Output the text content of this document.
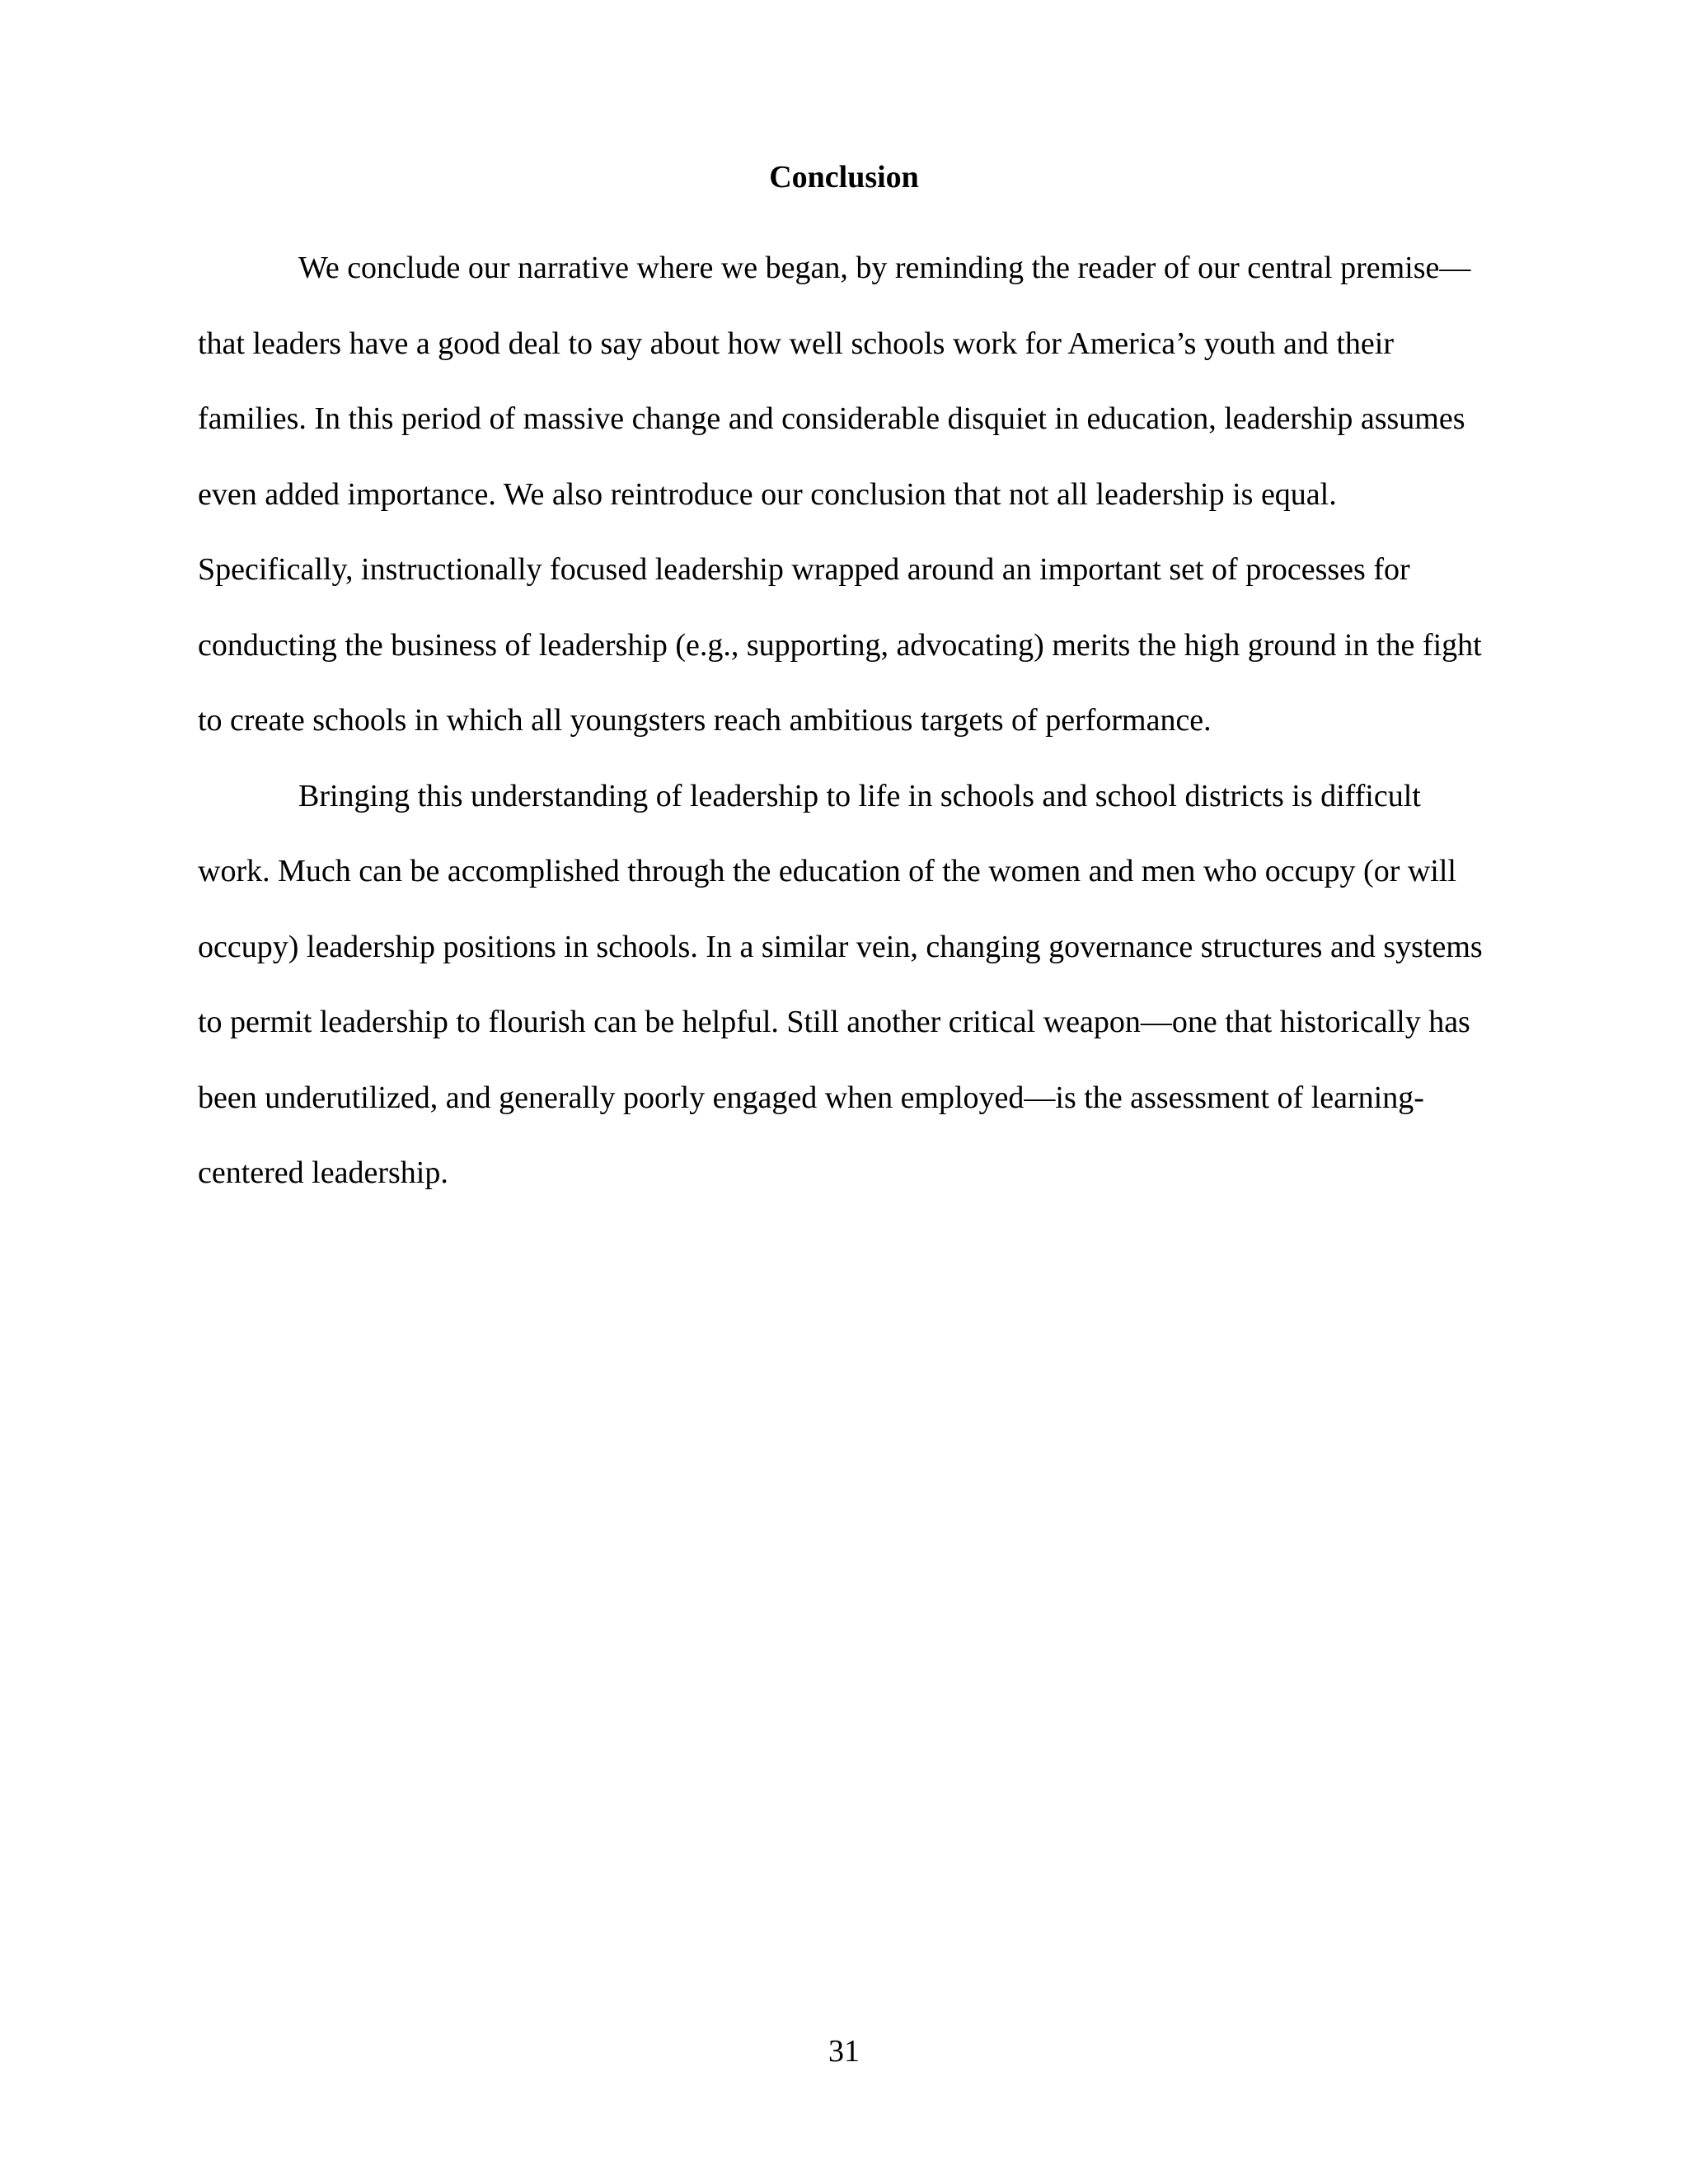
Conclusion

We conclude our narrative where we began, by reminding the reader of our central premise—that leaders have a good deal to say about how well schools work for America’s youth and their families. In this period of massive change and considerable disquiet in education, leadership assumes even added importance. We also reintroduce our conclusion that not all leadership is equal. Specifically, instructionally focused leadership wrapped around an important set of processes for conducting the business of leadership (e.g., supporting, advocating) merits the high ground in the fight to create schools in which all youngsters reach ambitious targets of performance.

Bringing this understanding of leadership to life in schools and school districts is difficult work. Much can be accomplished through the education of the women and men who occupy (or will occupy) leadership positions in schools. In a similar vein, changing governance structures and systems to permit leadership to flourish can be helpful. Still another critical weapon—one that historically has been underutilized, and generally poorly engaged when employed—is the assessment of learning-centered leadership.

31
